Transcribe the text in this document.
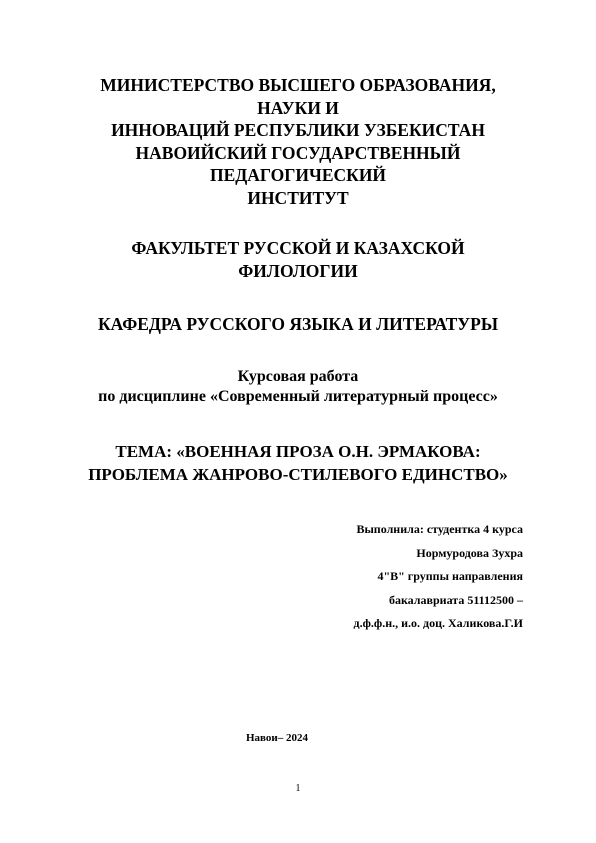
МИНИСТЕРСТВО ВЫСШЕГО ОБРАЗОВАНИЯ,
НАУКИ И
ИННОВАЦИЙ РЕСПУБЛИКИ УЗБЕКИСТАН
НАВОИЙСКИЙ ГОСУДАРСТВЕННЫЙ
ПЕДАГОГИЧЕСКИЙ
ИНСТИТУТ
ФАКУЛЬТЕТ РУССКОЙ И КАЗАХСКОЙ
ФИЛОЛОГИИ
КАФЕДРА РУССКОГО ЯЗЫКА И ЛИТЕРАТУРЫ
Курсовая работа
по дисциплине «Современный литературный процесс»
ТЕМА: «ВОЕННАЯ ПРОЗА О.Н. ЭРМАКОВА:
ПРОБЛЕМА ЖАНРОВО-СТИЛЕВОГО ЕДИНСТВО»
Выполнила: студентка 4 курса
Нормуродова Зухра
4"В" группы направления
бакалавриата 51112500 –
д.ф.ф.н., и.о. доц. Халикова.Г.И
Навои– 2024
1
